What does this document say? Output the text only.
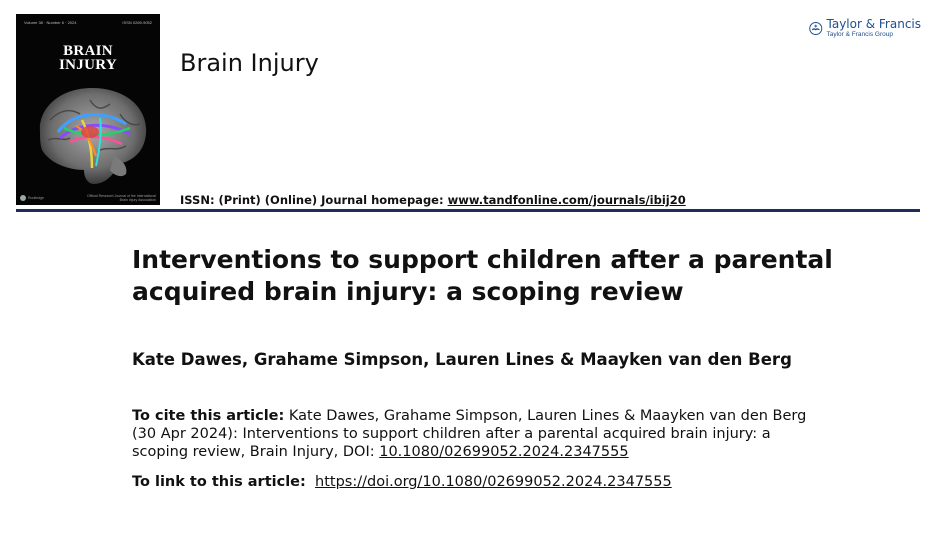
Volume 38 · Number 6 · 2024	ISSN 0269-9052
BRAIN
INJURY
Routledge	Official Research Journal of the International Brain Injury Association
Brain Injury
Taylor & Francis
Taylor & Francis Group
ISSN: (Print) (Online) Journal homepage: www.tandfonline.com/journals/ibij20
Interventions to support children after a parental acquired brain injury: a scoping review
Kate Dawes, Grahame Simpson, Lauren Lines & Maayken van den Berg
To cite this article: Kate Dawes, Grahame Simpson, Lauren Lines & Maayken van den Berg (30 Apr 2024): Interventions to support children after a parental acquired brain injury: a scoping review, Brain Injury, DOI: 10.1080/02699052.2024.2347555
To link to this article: https://doi.org/10.1080/02699052.2024.2347555
